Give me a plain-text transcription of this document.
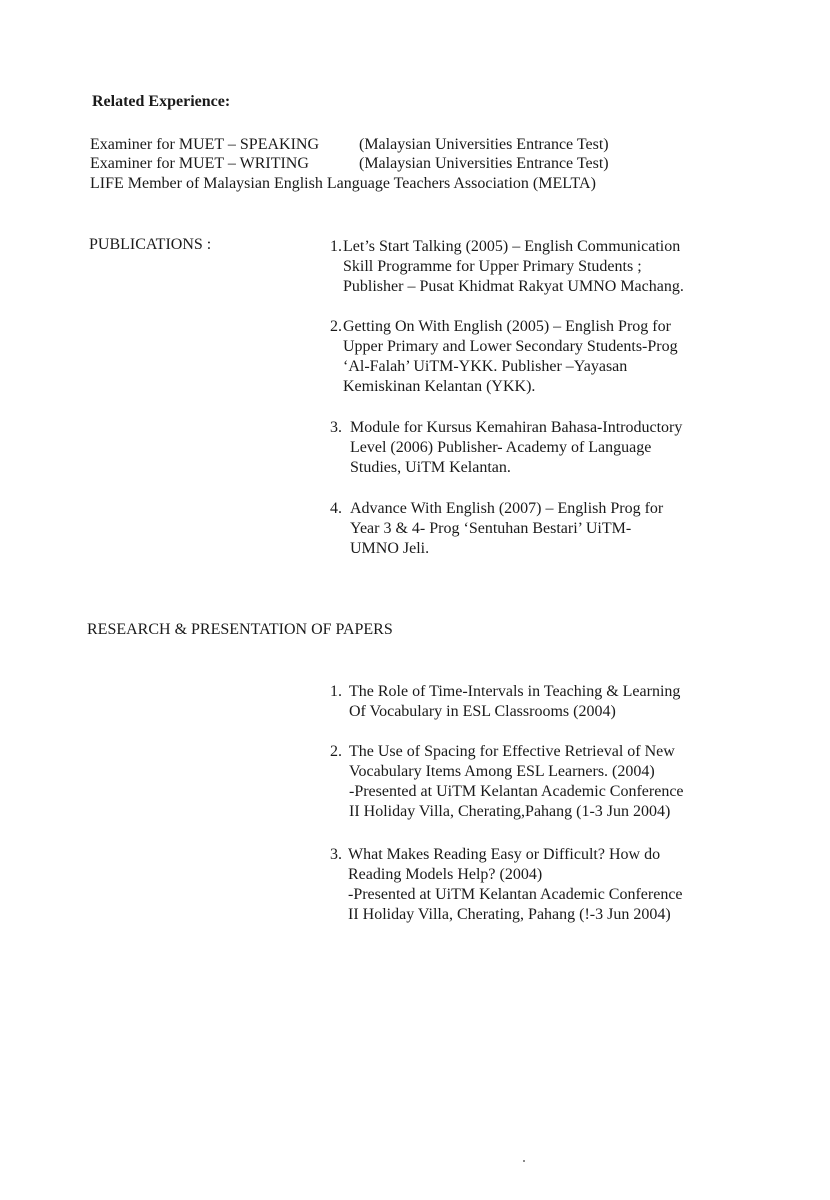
Related Experience:
Examiner for MUET – SPEAKING (Malaysian Universities Entrance Test)
Examiner for MUET – WRITING	(Malaysian Universities Entrance Test)
LIFE Member of Malaysian English Language Teachers Association (MELTA)
PUBLICATIONS :	1. Let’s Start Talking (2005) – English Communication
Skill Programme for Upper Primary Students ;
Publisher – Pusat Khidmat Rakyat UMNO Machang.
2. Getting On With English (2005) – English Prog for
Upper Primary and Lower Secondary Students-Prog
‘Al-Falah’ UiTM-YKK. Publisher –Yayasan
Kemiskinan Kelantan (YKK).
3. Module for Kursus Kemahiran Bahasa-Introductory
Level (2006) Publisher- Academy of Language
Studies, UiTM Kelantan.
4. Advance With English (2007) – English Prog for
Year 3 & 4- Prog ‘Sentuhan Bestari’ UiTM-
UMNO Jeli.
RESEARCH & PRESENTATION OF PAPERS
1. The Role of Time-Intervals in Teaching & Learning
Of Vocabulary in ESL Classrooms (2004)
2. The Use of Spacing for Effective Retrieval of New
Vocabulary Items Among ESL Learners. (2004)
-Presented at UiTM Kelantan Academic Conference
II Holiday Villa, Cherating,Pahang (1-3 Jun 2004)
3. What Makes Reading Easy or Difficult? How do
Reading Models Help? (2004)
-Presented at UiTM Kelantan Academic Conference
II Holiday Villa, Cherating, Pahang (!-3 Jun 2004)
